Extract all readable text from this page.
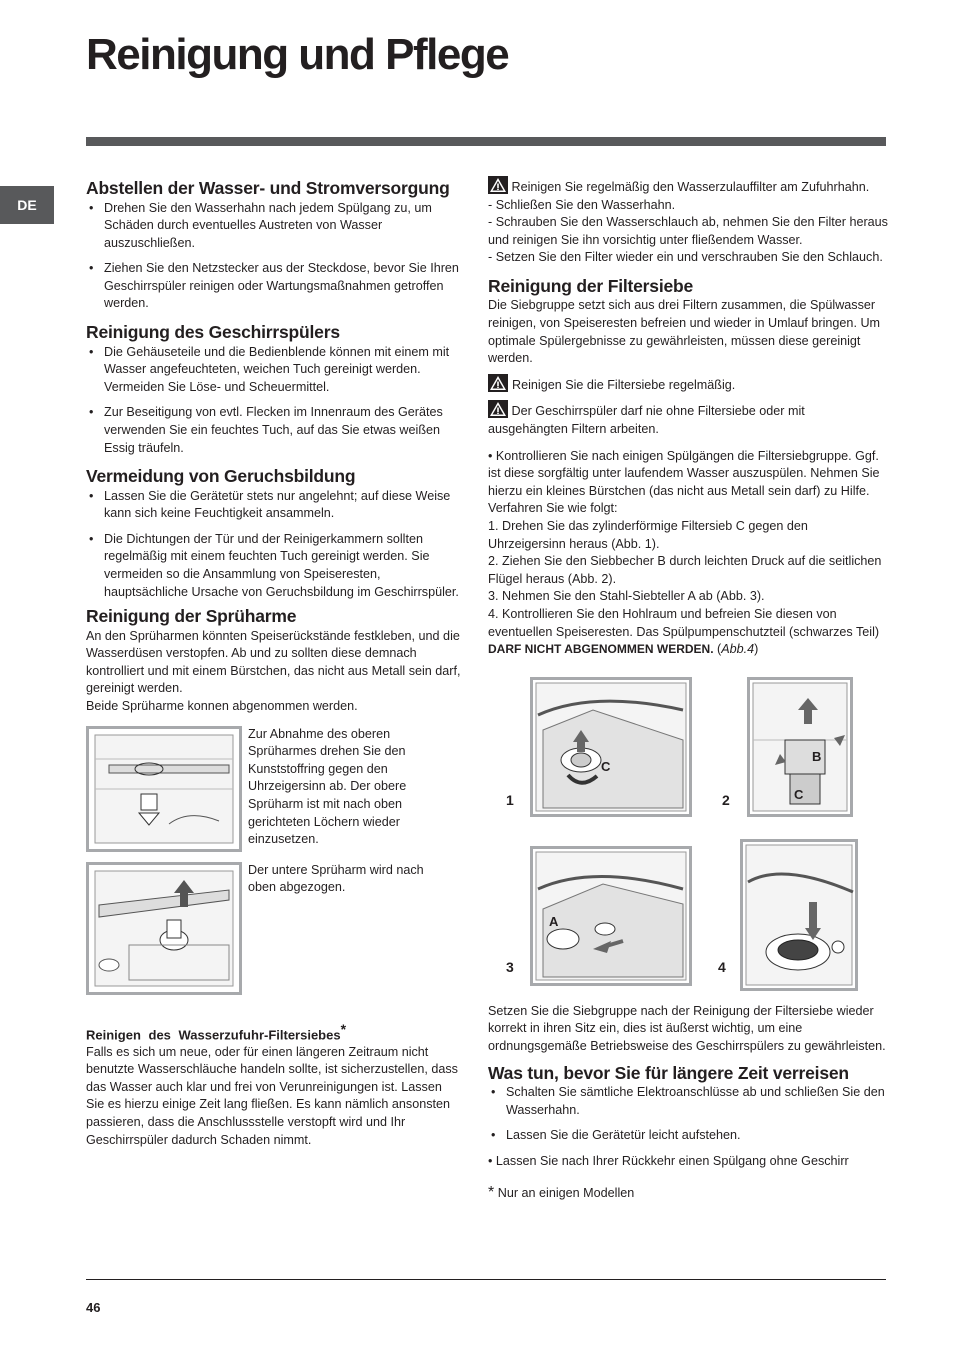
Reinigung und Pflege
DE
Abstellen der Wasser- und Stromversorgung
• Drehen Sie den Wasserhahn nach jedem Spülgang zu, um Schäden durch eventuelles Austreten von Wasser auszuschließen.
• Ziehen Sie den Netzstecker aus der Steckdose, bevor Sie Ihren Geschirrspüler reinigen oder Wartungsmaßnahmen getroffen werden.
Reinigung des Geschirrspülers
• Die Gehäuseteile und die Bedienblende können mit einem mit Wasser angefeuchteten, weichen Tuch gereinigt werden. Vermeiden Sie Löse- und Scheuermittel.
• Zur Beseitigung von evtl. Flecken im Innenraum des Gerätes verwenden Sie ein feuchtes Tuch, auf das Sie etwas weißen Essig träufeln.
Vermeidung von Geruchsbildung
• Lassen Sie die Gerätetür stets nur angelehnt; auf diese Weise kann sich keine Feuchtigkeit ansammeln.
• Die Dichtungen der Tür und der Reinigerkammern sollten regelmäßig mit einem feuchten Tuch gereinigt werden. Sie vermeiden so die Ansammlung von Speiseresten, hauptsächliche Ursache von Geruchsbildung im Geschirrspüler.
Reinigung der Sprüharme

An den Sprüharmen könnten Speiserückstände festkleben, und die Wasserdüsen verstopfen. Ab und zu sollten diese demnach kontrolliert und mit einem Bürstchen, das nicht aus Metall sein darf, gereinigt werden.

Beide Sprüharme konnen abgenommen werden.

Zur Abnahme des oberen Sprüharmes drehen Sie den Kunststoffring gegen den Uhrzeigersinn ab. Der obere Sprüharm ist mit nach oben gerichteten Löchern wieder einzusetzen.
Der untere Sprüharm wird nach oben abgezogen.
Reinigen des Wasserzufuhr-Filtersiebes*

Falls es sich um neue, oder für einen längeren Zeitraum nicht benutzte Wasserschläuche handeln sollte, ist sicherzustellen, dass das Wasser auch klar und frei von Verunreinigungen ist. Lassen Sie es hierzu einige Zeit lang fließen. Es kann nämlich ansonsten passieren, dass die Anschlussstelle verstopft wird und Ihr Geschirrspüler dadurch Schaden nimmt.

Reinigen Sie regelmäßig den Wasserzulauffilter am Zufuhrhahn.

- Schließen Sie den Wasserhahn.

- Schrauben Sie den Wasserschlauch ab, nehmen Sie den Filter heraus und reinigen Sie ihn vorsichtig unter fließendem Wasser.

- Setzen Sie den Filter wieder ein und verschrauben Sie den Schlauch.

Reinigung der Filtersiebe

Die Siebgruppe setzt sich aus drei Filtern zusammen, die Spülwasser reinigen, von Speiseresten befreien und wieder in Umlauf bringen. Um optimale Spülergebnisse zu gewährleisten, müssen diese gereinigt werden.

Reinigen Sie die Filtersiebe regelmäßig.
Der Geschirrspüler darf nie ohne Filtersiebe oder mit ausgehängten Filtern arbeiten.

• Kontrollieren Sie nach einigen Spülgängen die Filtersiebgruppe. Ggf. ist diese sorgfältig unter laufendem Wasser auszuspülen. Nehmen Sie hierzu ein kleines Bürstchen (das nicht aus Metall sein darf) zu Hilfe. Verfahren Sie wie folgt:

1. Drehen Sie das zylinderförmige Filtersieb C gegen den Uhrzeigersinn heraus (Abb. 1).

2. Ziehen Sie den Siebbecher B durch leichten Druck auf die seitlichen Flügel heraus (Abb. 2).

3. Nehmen Sie den Stahl-Siebteller A ab (Abb. 3).

4. Kontrollieren Sie den Hohlraum und befreien Sie diesen von eventuellen Speiseresten. Das Spülpumpenschutzteil (schwarzes Teil) DARF NICHT ABGENOMMEN WERDEN. (Abb.4)

C
1
B
C
2
A
3	4

Setzen Sie die Siebgruppe nach der Reinigung der Filtersiebe wieder korrekt in ihren Sitz ein, dies ist äußerst wichtig, um eine ordnungsgemäße Betriebsweise des Geschirrspülers zu gewährleisten.

Was tun, bevor Sie für längere Zeit verreisen
• Schalten Sie sämtliche Elektroanschlüsse ab und schließen Sie den Wasserhahn.
• Lassen Sie die Gerätetür leicht aufstehen.

• Lassen Sie nach Ihrer Rückkehr einen Spülgang ohne Geschirr

* Nur an einigen Modellen

46
